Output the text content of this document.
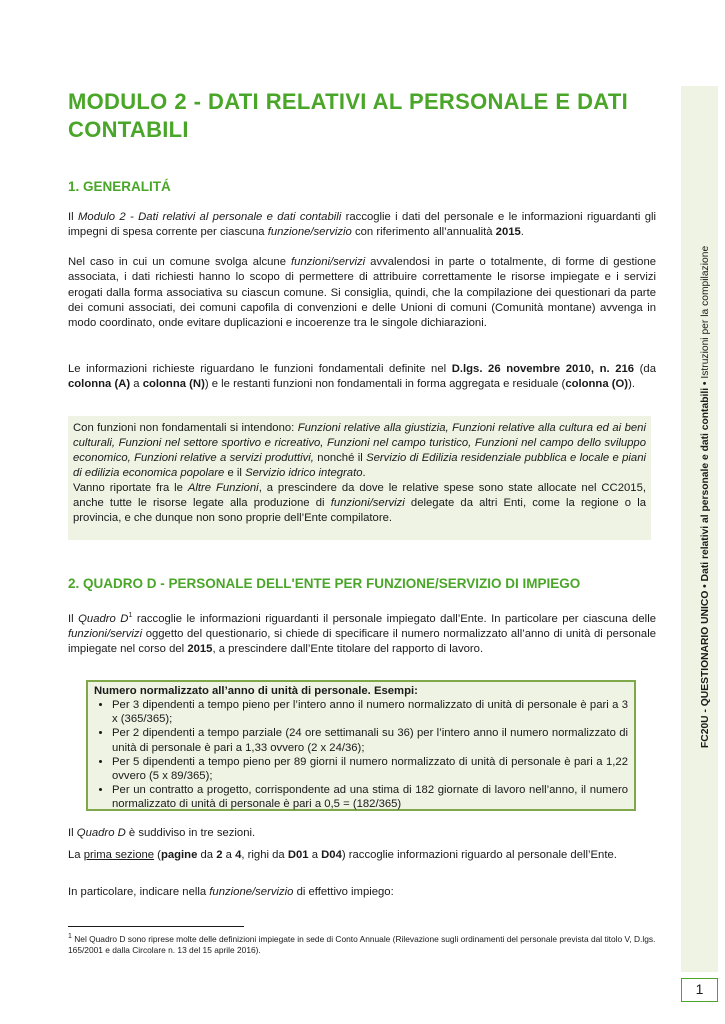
MODULO 2 - DATI RELATIVI AL PERSONALE E DATI CONTABILI
1. GENERALITÁ

Il Modulo 2 - Dati relativi al personale e dati contabili raccoglie i dati del personale e le informazioni riguardanti gli impegni di spesa corrente per ciascuna funzione/servizio con riferimento all’annualità 2015.

Nel caso in cui un comune svolga alcune funzioni/servizi avvalendosi in parte o totalmente, di forme di gestione associata, i dati richiesti hanno lo scopo di permettere di attribuire correttamente le risorse impiegate e i servizi erogati dalla forma associativa su ciascun comune. Si consiglia, quindi, che la compilazione dei questionari da parte dei comuni associati, dei comuni capofila di convenzioni e delle Unioni di comuni (Comunità montane) avvenga in modo coordinato, onde evitare duplicazioni e incoerenze tra le singole dichiarazioni.

Le informazioni richieste riguardano le funzioni fondamentali definite nel D.lgs. 26 novembre 2010, n. 216 (da colonna (A) a colonna (N)) e le restanti funzioni non fondamentali in forma aggregata e residuale (colonna (O)).

Con funzioni non fondamentali si intendono: Funzioni relative alla giustizia, Funzioni relative alla cultura ed ai beni culturali, Funzioni nel settore sportivo e ricreativo, Funzioni nel campo turistico, Funzioni nel campo dello sviluppo economico, Funzioni relative a servizi produttivi, nonché il Servizio di Edilizia residenziale pubblica e locale e piani di edilizia economica popolare e il Servizio idrico integrato.

Vanno riportate fra le Altre Funzioni, a prescindere da dove le relative spese sono state allocate nel CC2015, anche tutte le risorse legate alla produzione di funzioni/servizi delegate da altri Enti, come la regione o la provincia, e che dunque non sono proprie dell’Ente compilatore.

2. QUADRO D - PERSONALE DELL'ENTE PER FUNZIONE/SERVIZIO DI IMPIEGO

Il Quadro $D^1$ raccoglie le informazioni riguardanti il personale impiegato dall’Ente. In particolare per ciascuna delle funzioni/servizi oggetto del questionario, si chiede di specificare il numero normalizzato all’anno di unità di personale impiegate nel corso del 2015, a prescindere dall’Ente titolare del rapporto di lavoro.

Numero normalizzato all’anno di unità di personale. Esempi:

• Per 3 dipendenti a tempo pieno per l’intero anno il numero normalizzato di unità di personale è pari a 3 x (365/365);
• Per 2 dipendenti a tempo parziale (24 ore settimanali su 36) per l’intero anno il numero normalizzato di unità di personale è pari a 1,33 ovvero (2 x 24/36);
• Per 5 dipendenti a tempo pieno per 89 giorni il numero normalizzato di unità di personale è pari a 1,22 ovvero (5 x 89/365);
• Per un contratto a progetto, corrispondente ad una stima di 182 giornate di lavoro nell’anno, il numero normalizzato di unità di personale è pari a 0,5 = (182/365)

Il Quadro D è suddiviso in tre sezioni.

La prima sezione (pagine da 2 a 4, righi da D01 a D04) raccoglie informazioni riguardo al personale dell’Ente.

In particolare, indicare nella funzione/servizio di effettivo impiego:

$^1$ Nel Quadro D sono riprese molte delle definizioni impiegate in sede di Conto Annuale (Rilevazione sugli ordinamenti del personale prevista dal titolo V, D.lgs. 165/2001 e dalla Circolare n. 13 del 15 aprile 2016).

FC20U - QUESTIONARIO UNICO • Dati relativi al personale e dati contabili • Istruzioni per la compilazione
1
